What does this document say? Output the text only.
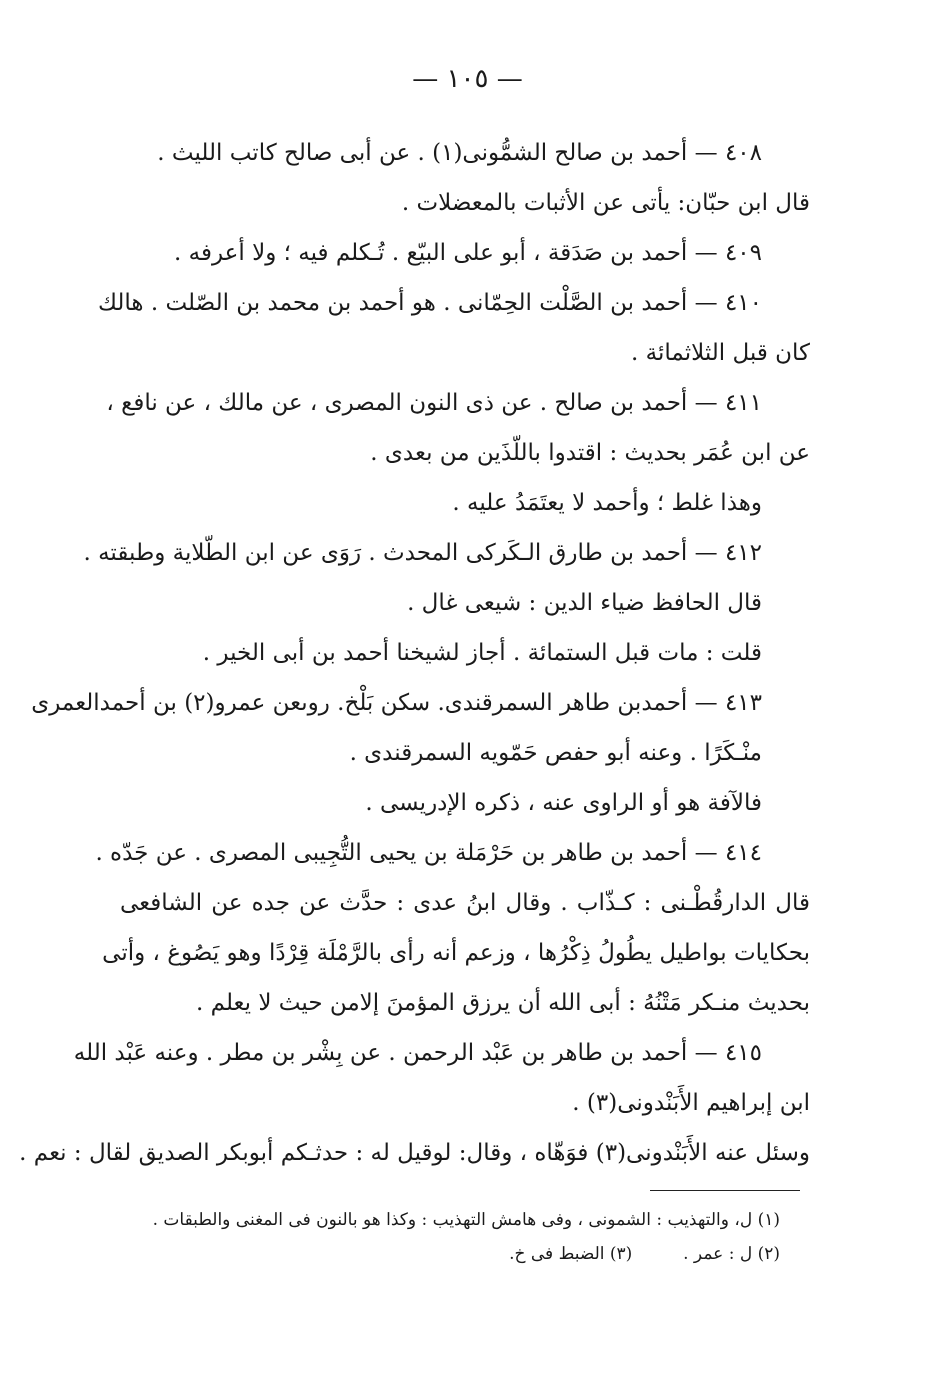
— ١٠٥ —
٤٠٨ — أحمد بن صالح الشمُّونى(١) . عن أبى صالح كاتب الليث .
قال ابن حبّان: يأتى عن الأثبات بالمعضلات .
٤٠٩ — أحمد بن صَدَقة ، أبو على البيّع . تُـكلم فيه ؛ ولا أعرفه .
٤١٠ — أحمد بن الصَّلْت الحِمّانى . هو أحمد بن محمد بن الصّلت . هالك
كان قبل الثلاثمائة .
٤١١ — أحمد بن صالح . عن ذى النون المصرى ، عن مالك ، عن نافع ،
عن ابن عُمَر بحديث : اقتدوا باللّذَين من بعدى .
وهذا غلط ؛ وأحمد لا يعتَمَدُ عليه .
٤١٢ — أحمد بن طارق الـكَركى المحدث . رَوَى عن ابن الطّلاية وطبقته .
قال الحافظ ضياء الدين : شيعى غال .
قلت : مات قبل الستمائة . أجاز لشيخنا أحمد بن أبى الخير .
٤١٣ — أحمدبن طاهر السمرقندى. سكن بَلْخ. روىعن عمرو(٢) بن أحمدالعمرى
منْـكَرًا . وعنه أبو حفص حَمّويه السمرقندى .
فالآفة هو أو الراوى عنه ، ذكره الإدريسى .
٤١٤ — أحمد بن طاهر بن حَرْمَلة بن يحيى التُّجِيبى المصرى . عن جَدّه .
قال الدارقُطْـنى : كـذّاب . وقال ابنُ عدى : حدَّث عن جده عن الشافعى
بحكايات بواطيل يطُولُ ذِكْرُها ، وزعم أنه رأى بالرَّمْلَة قِرْدًا وهو يَصُوغ ، وأتى
بحديث منـكر مَتْنُهُ : أبى الله أن يرزق المؤمنَ إلامن حيث لا يعلم .
٤١٥ — أحمد بن طاهر بن عَبْد الرحمن . عن بِشْر بن مطر . وعنه عَبْد الله
ابن إبراهيم الأَبَنْدونى(٣) .
وسئل عنه الأَبَنْدونى(٣) فوَهّاه ، وقال: لوقيل له : حدثـكم أبوبكر الصديق لقال : نعم .
(١) ل، والتهذيب : الشمونى ، وفى هامش التهذيب : وكذا هو بالنون فى المغنى والطبقات .
(٢) ل : عمر .  (٣) الضبط فى خ.
